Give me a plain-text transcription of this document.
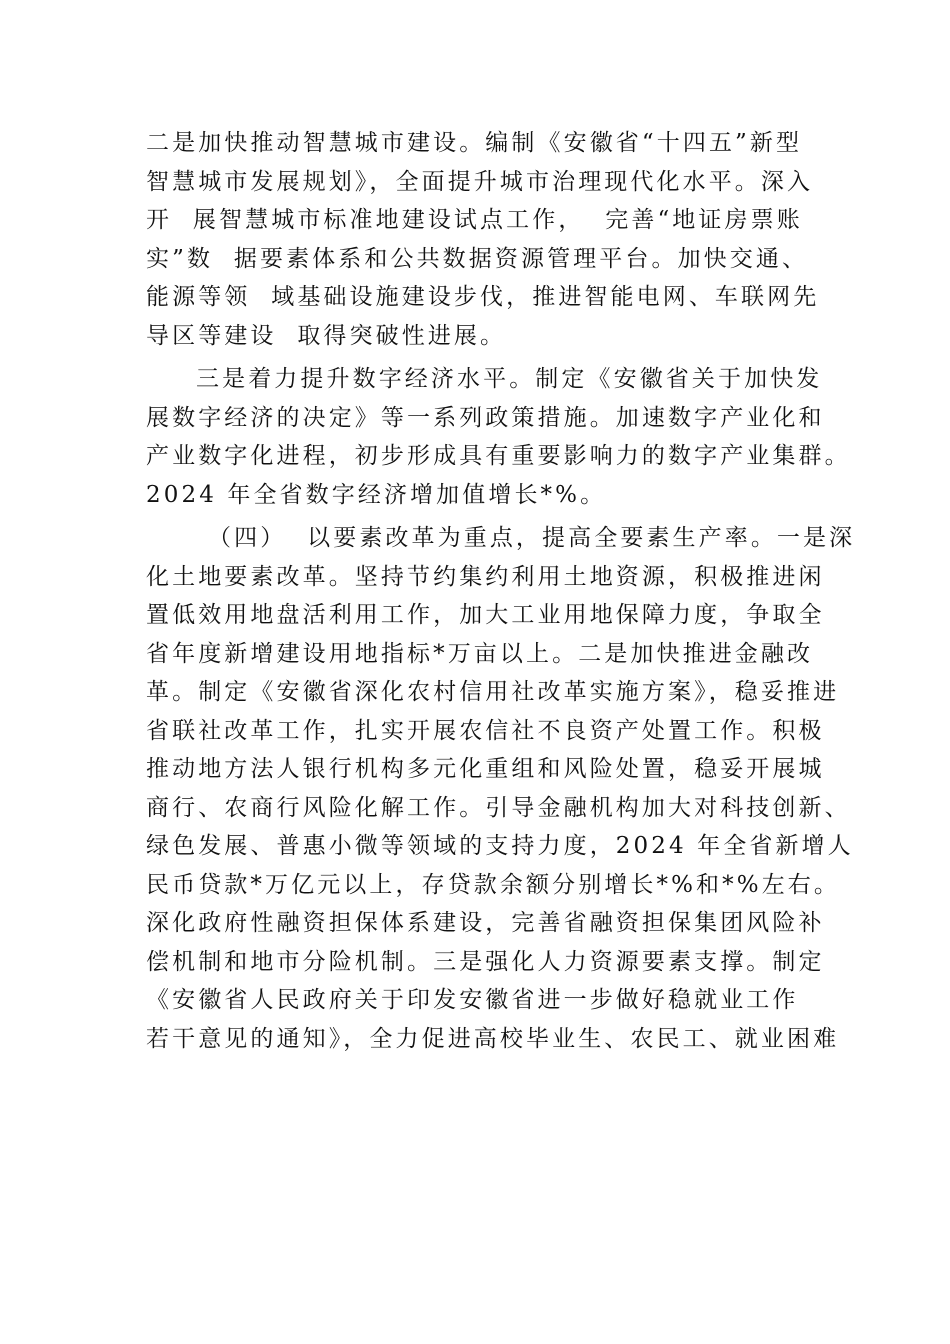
二是加快推动智慧城市建设。编制《安徽省“十四五”新型
智慧城市发展规划》，全面提升城市治理现代化水平。深入
开  展智慧城市标准地建设试点工作，  完善“地证房票账
实”数  据要素体系和公共数据资源管理平台。加快交通、
能源等领  域基础设施建设步伐，推进智能电网、车联网先
导区等建设  取得突破性进展。
三是着力提升数字经济水平。制定《安徽省关于加快发
展数字经济的决定》等一系列政策措施。加速数字产业化和
产业数字化进程，初步形成具有重要影响力的数字产业集群。
2024 年全省数字经济增加值增长*%。
（四）  以要素改革为重点，提高全要素生产率。一是深
化土地要素改革。坚持节约集约利用土地资源，积极推进闲
置低效用地盘活利用工作，加大工业用地保障力度，争取全
省年度新增建设用地指标*万亩以上。二是加快推进金融改
革。制定《安徽省深化农村信用社改革实施方案》，稳妥推进
省联社改革工作，扎实开展农信社不良资产处置工作。积极
推动地方法人银行机构多元化重组和风险处置，稳妥开展城
商行、农商行风险化解工作。引导金融机构加大对科技创新、
绿色发展、普惠小微等领域的支持力度，2024 年全省新增人
民币贷款*万亿元以上，存贷款余额分别增长*%和*%左右。
深化政府性融资担保体系建设，完善省融资担保集团风险补
偿机制和地市分险机制。三是强化人力资源要素支撑。制定
《安徽省人民政府关于印发安徽省进一步做好稳就业工作
若干意见的通知》，全力促进高校毕业生、农民工、就业困难
